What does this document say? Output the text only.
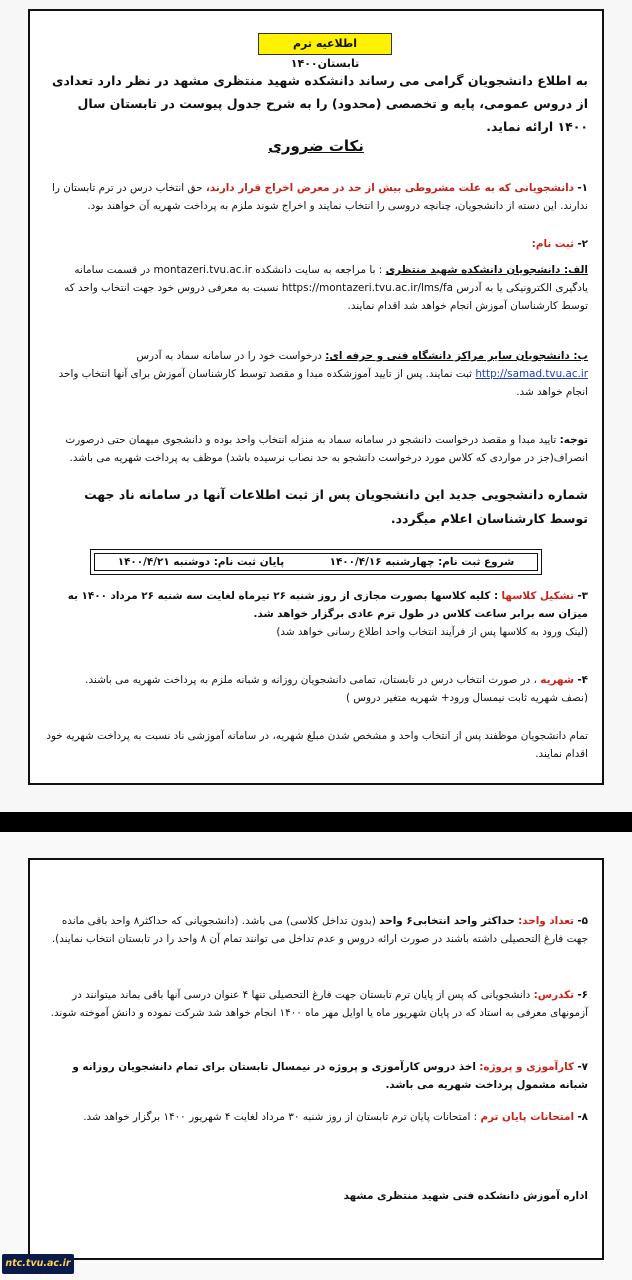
اطلاعیه ترم تابستان۱۴۰۰
به اطلاع دانشجویان گرامی می رساند دانشکده شهید منتظری مشهد در نظر دارد تعدادی از دروس عمومی، پایه و تخصصی (محدود) را به شرح جدول پیوست در تابستان سال ۱۴۰۰ ارائه نماید.
نکات ضروری
۱- دانشجویانی که به علت مشروطی بیش از حد در معرض اخراج قرار دارند، حق انتخاب درس در ترم تابستان را ندارند. این دسته از دانشجویان، چنانچه دروسی را انتخاب نمایند و اخراج شوند ملزم به پرداخت شهریه آن خواهند بود.
۲- ثبت نام:
الف: دانشجویان دانشکده شهید منتظری : با مراجعه به سایت دانشکده montazeri.tvu.ac.ir در قسمت سامانه یادگیری الکترونیکی یا به آدرس https://montazeri.tvu.ac.ir/lms/fa نسبت به معرفی دروس خود جهت انتخاب واحد که توسط کارشناسان آموزش انجام خواهد شد اقدام نمایند.
ب: دانشجویان سایر مراکز دانشگاه فنی و حرفه ای: درخواست خود را در سامانه سماد به آدرس http://samad.tvu.ac.ir ثبت نمایند. پس از تایید آموزشکده مبدا و مقصد توسط کارشناسان آموزش برای آنها انتخاب واحد انجام خواهد شد.
توجه: تایید مبدا و مقصد درخواست دانشجو در سامانه سماد به منزله انتخاب واحد بوده و دانشجوی میهمان حتی درصورت انصراف(جز در مواردی که کلاس مورد درخواست دانشجو به حد نصاب نرسیده باشد) موظف به پرداخت شهریه می باشد.
شماره دانشجویی جدید این دانشجویان پس از ثبت اطلاعات آنها در سامانه ناد جهت توسط کارشناسان اعلام میگردد.
شروع ثبت نام: چهارشنبه ۱۴۰۰/۴/۱۶
پایان ثبت نام: دوشنبه ۱۴۰۰/۴/۲۱
۳- تشکیل کلاسها : کلیه کلاسها بصورت مجازی از روز شنبه ۲۶ تیرماه لغایت سه شنبه ۲۶ مرداد ۱۴۰۰ به میزان سه برابر ساعت کلاس در طول ترم عادی برگزار خواهد شد.
(لینک ورود به کلاسها پس از فرآیند انتخاب واحد اطلاع رسانی خواهد شد)
۴- شهریه ، در صورت انتخاب درس در تابستان، تمامی دانشجویان روزانه و شبانه ملزم به پرداخت شهریه می باشند.
(نصف شهریه ثابت نیمسال ورود+ شهریه متغیر دروس )
تمام دانشجویان موظفند پس از انتخاب واحد و مشخص شدن مبلغ شهریه، در سامانه آموزشی ناد نسبت به پرداخت شهریه خود اقدام نمایند.
۵- تعداد واحد: حداکثر واحد انتخابی۶ واحد (بدون تداخل کلاسی) می باشد. (دانشجویانی که حداکثر۸ واحد باقی مانده جهت فارغ التحصیلی داشته باشند در صورت ارائه دروس و عدم تداخل می توانند تمام آن ۸ واحد را در تابستان انتخاب نمایند).
۶- تکدرس: دانشجویانی که پس از پایان ترم تابستان جهت فارغ التحصیلی تنها ۴ عنوان درسی آنها باقی بماند میتوانند در آزمونهای معرفی به استاد که در پایان شهریور ماه یا اوایل مهر ماه ۱۴۰۰ انجام خواهد شد شرکت نموده و دانش آموخته شوند.
۷- کارآموزی و پروژه: اخذ دروس کارآموزی و پروژه در نیمسال تابستان برای تمام دانشجویان روزانه و شبانه مشمول پرداخت شهریه می باشد.
۸- امتحانات پایان ترم : امتحانات پایان ترم تابستان از روز شنبه ۳۰ مرداد لغایت ۴ شهریور ۱۴۰۰ برگزار خواهد شد.
اداره آموزش دانشکده فنی شهید منتظری مشهد
ntc.tvu.ac.ir
